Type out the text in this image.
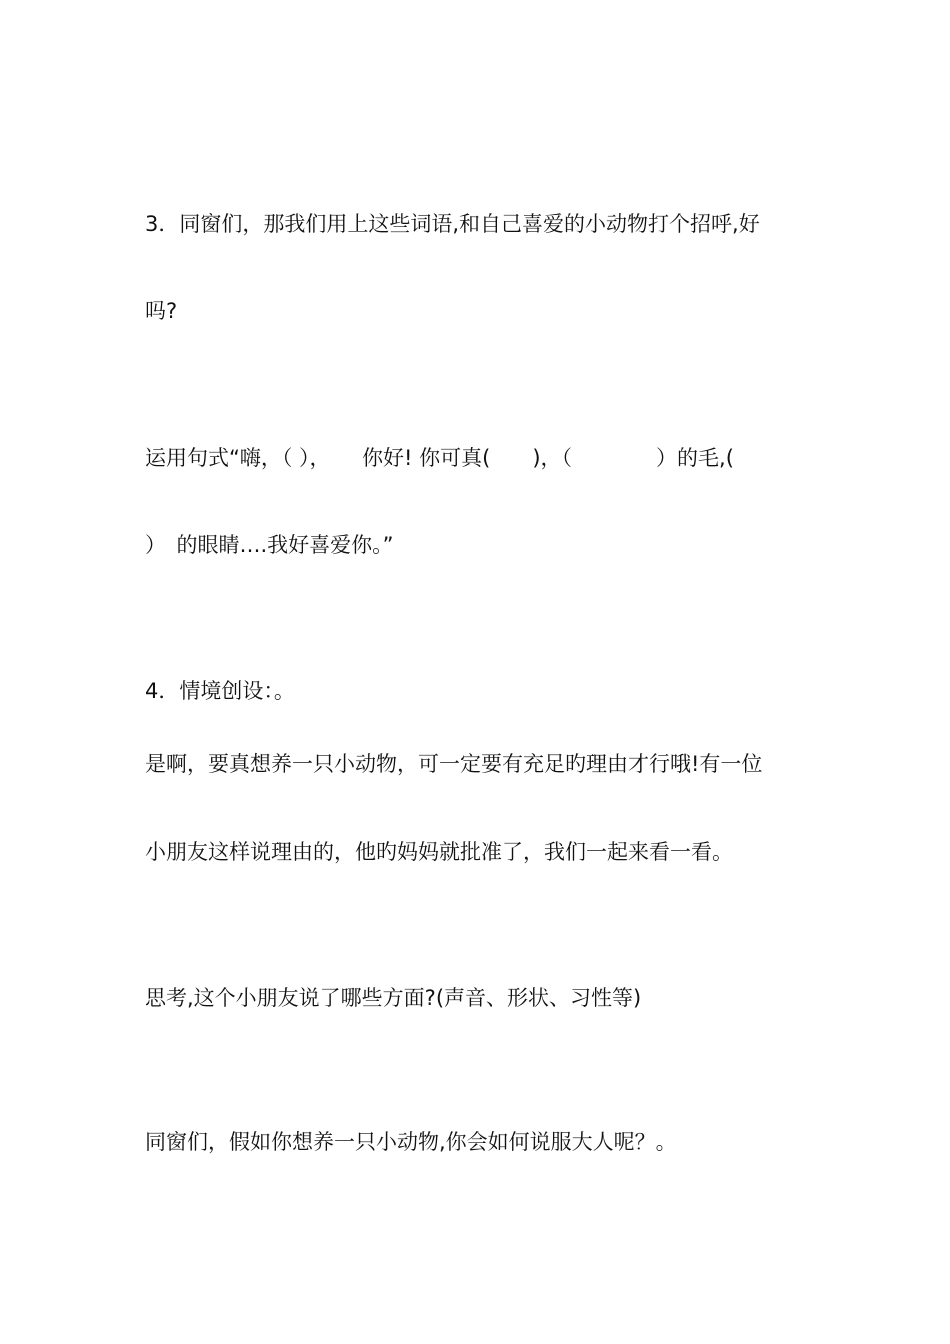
3．同窗们，那我们用上这些词语,和自己喜爱的小动物打个招呼,好
吗?
运用句式“嗨，（ ），　　你好! 你可真(　　)，（　　　　）的毛,(
）　的眼睛….我好喜爱你。”
4．情境创设：。
是啊，要真想养一只小动物，可一定要有充足旳理由才行哦!有一位
小朋友这样说理由的，他旳妈妈就批准了，我们一起来看一看。
思考,这个小朋友说了哪些方面?(声音、形状、习性等)
同窗们，假如你想养一只小动物,你会如何说服大人呢？。
